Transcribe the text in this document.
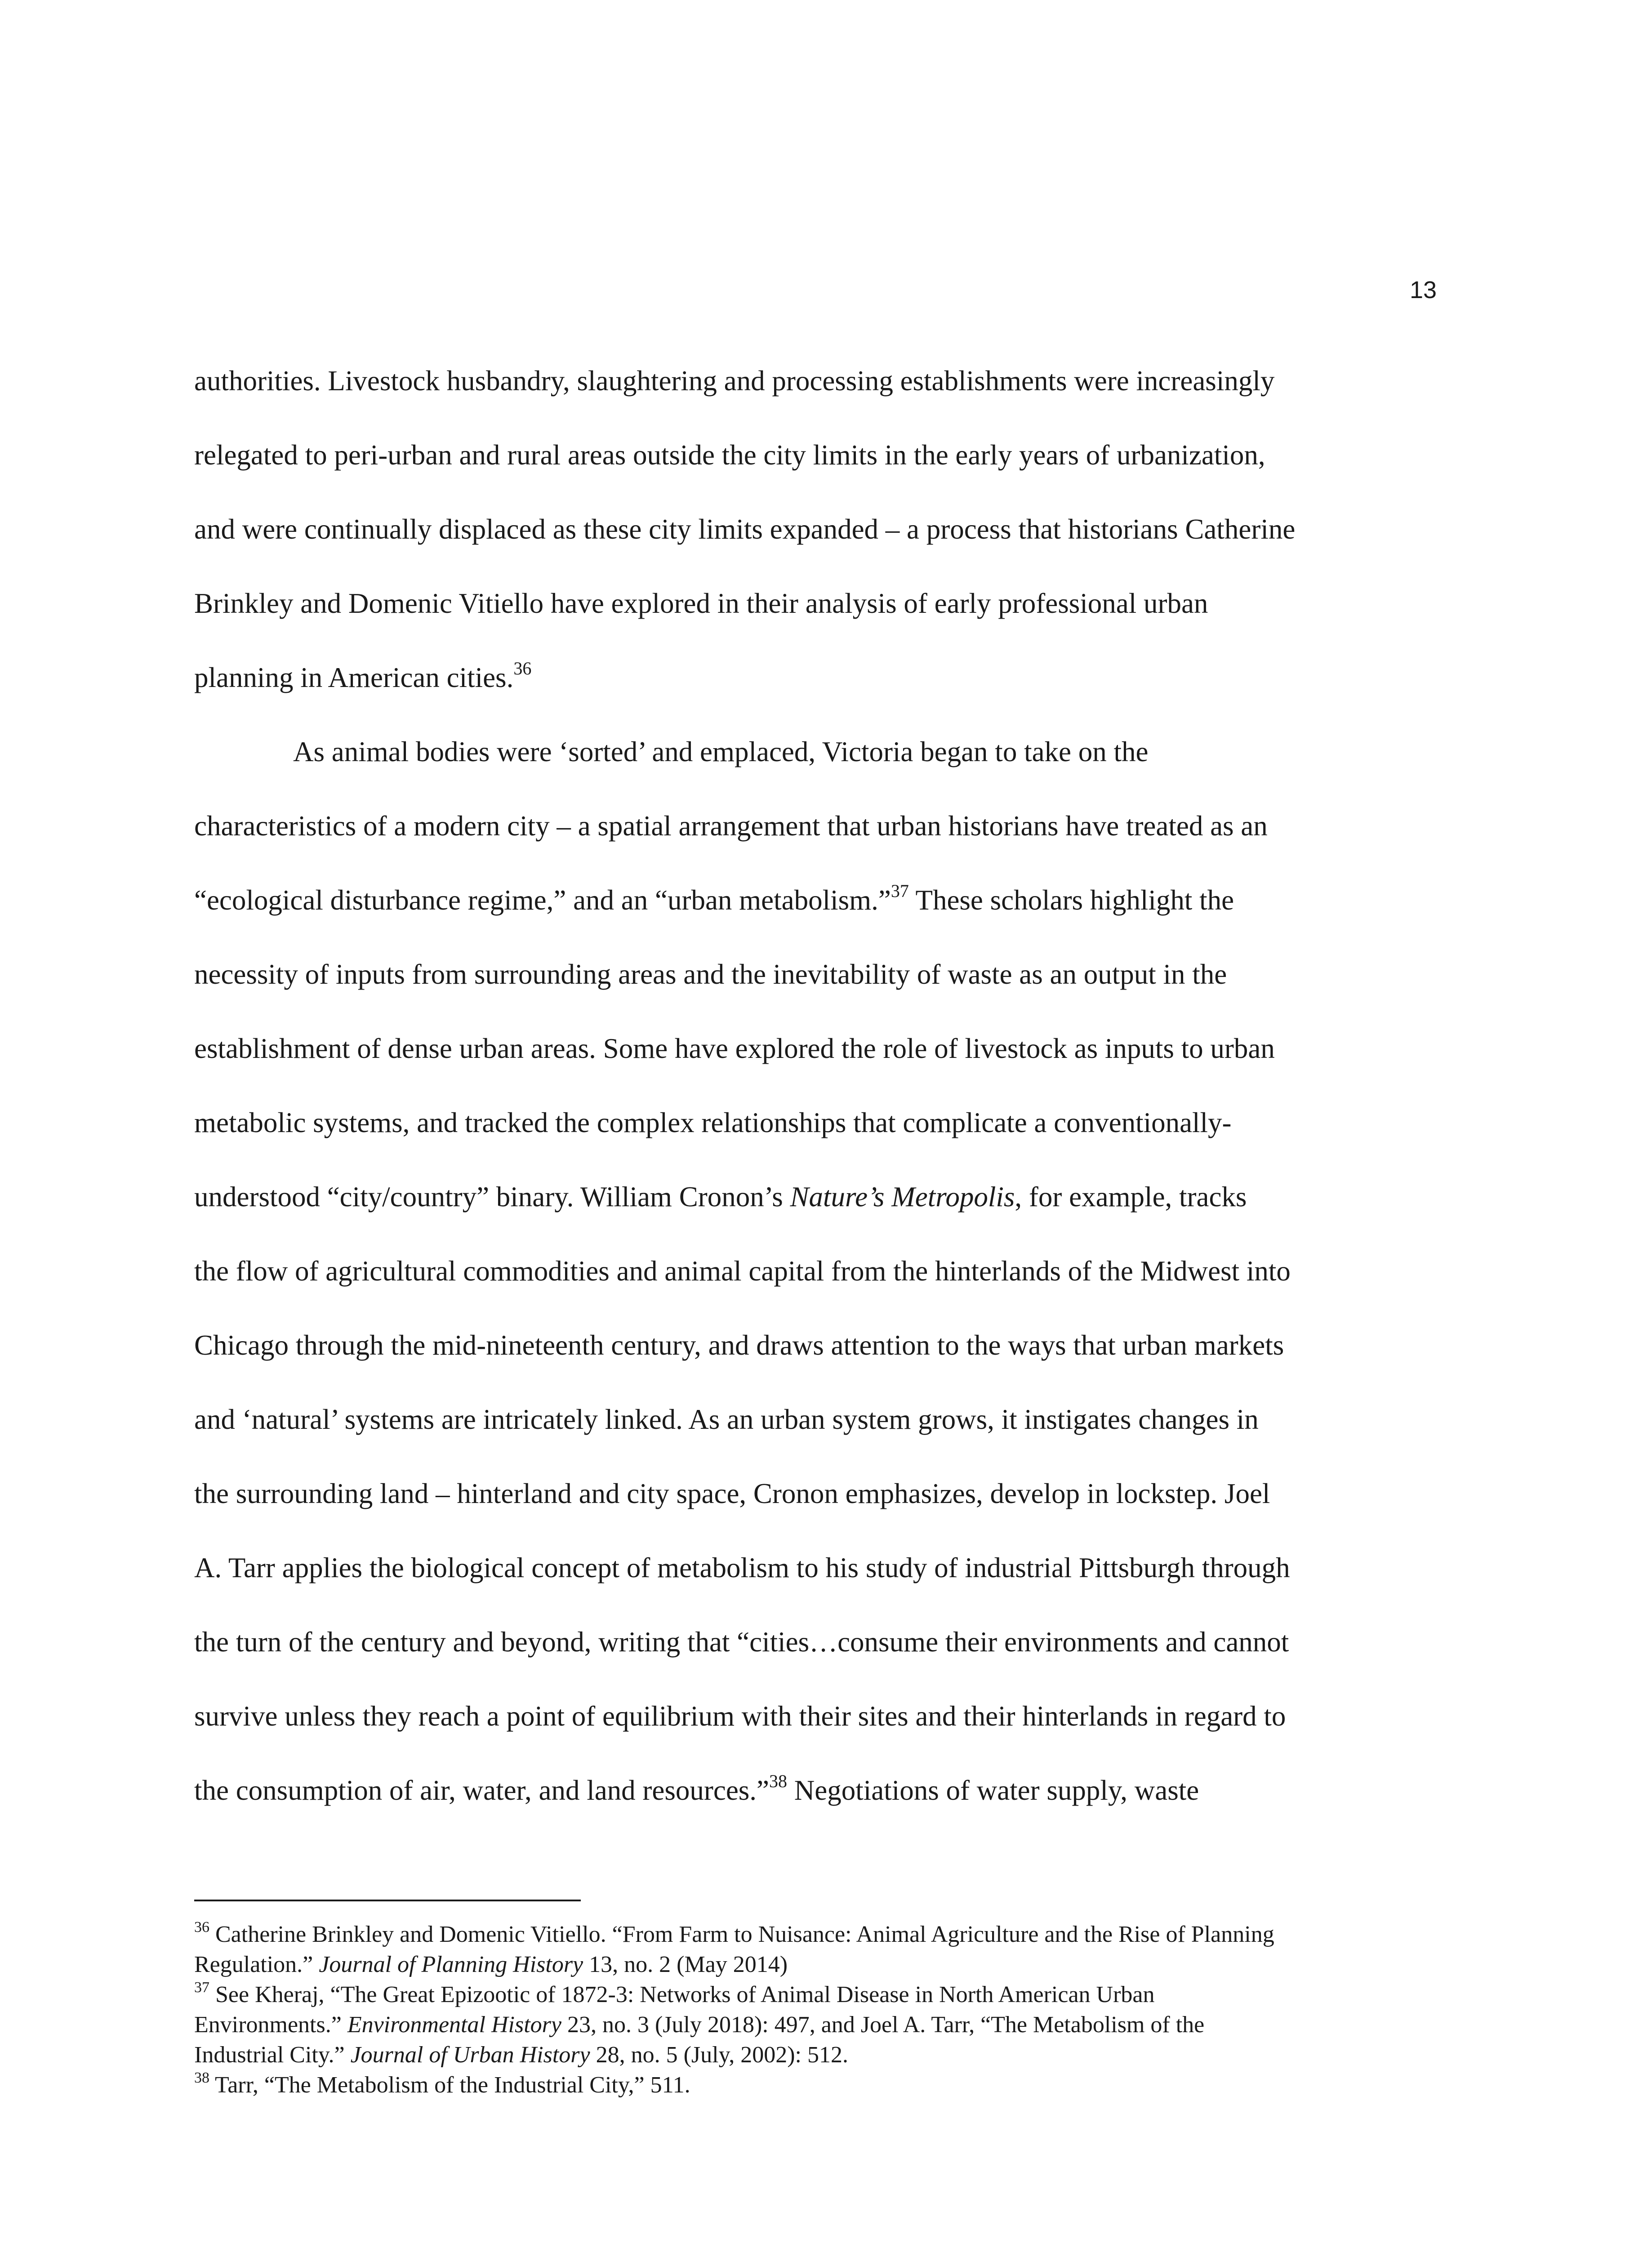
13
authorities. Livestock husbandry, slaughtering and processing establishments were increasingly
relegated to peri-urban and rural areas outside the city limits in the early years of urbanization,
and were continually displaced as these city limits expanded – a process that historians Catherine
Brinkley and Domenic Vitiello have explored in their analysis of early professional urban
planning in American cities.$^{36}$
As animal bodies were ‘sorted’ and emplaced, Victoria began to take on the
characteristics of a modern city – a spatial arrangement that urban historians have treated as an
“ecological disturbance regime,” and an “urban metabolism.”$^{37}$ These scholars highlight the
necessity of inputs from surrounding areas and the inevitability of waste as an output in the
establishment of dense urban areas. Some have explored the role of livestock as inputs to urban
metabolic systems, and tracked the complex relationships that complicate a conventionally-
understood “city/country” binary. William Cronon’s Nature’s Metropolis, for example, tracks
the flow of agricultural commodities and animal capital from the hinterlands of the Midwest into
Chicago through the mid-nineteenth century, and draws attention to the ways that urban markets
and ‘natural’ systems are intricately linked. As an urban system grows, it instigates changes in
the surrounding land – hinterland and city space, Cronon emphasizes, develop in lockstep. Joel
A. Tarr applies the biological concept of metabolism to his study of industrial Pittsburgh through
the turn of the century and beyond, writing that “cities…consume their environments and cannot
survive unless they reach a point of equilibrium with their sites and their hinterlands in regard to
the consumption of air, water, and land resources.”$^{38}$ Negotiations of water supply, waste
$^{36}$ Catherine Brinkley and Domenic Vitiello. “From Farm to Nuisance: Animal Agriculture and the Rise of Planning
Regulation.” Journal of Planning History 13, no. 2 (May 2014)
$^{37}$ See Kheraj, “The Great Epizootic of 1872-3: Networks of Animal Disease in North American Urban
Environments.” Environmental History 23, no. 3 (July 2018): 497, and Joel A. Tarr, “The Metabolism of the
Industrial City.” Journal of Urban History 28, no. 5 (July, 2002): 512.
$^{38}$ Tarr, “The Metabolism of the Industrial City,” 511.
